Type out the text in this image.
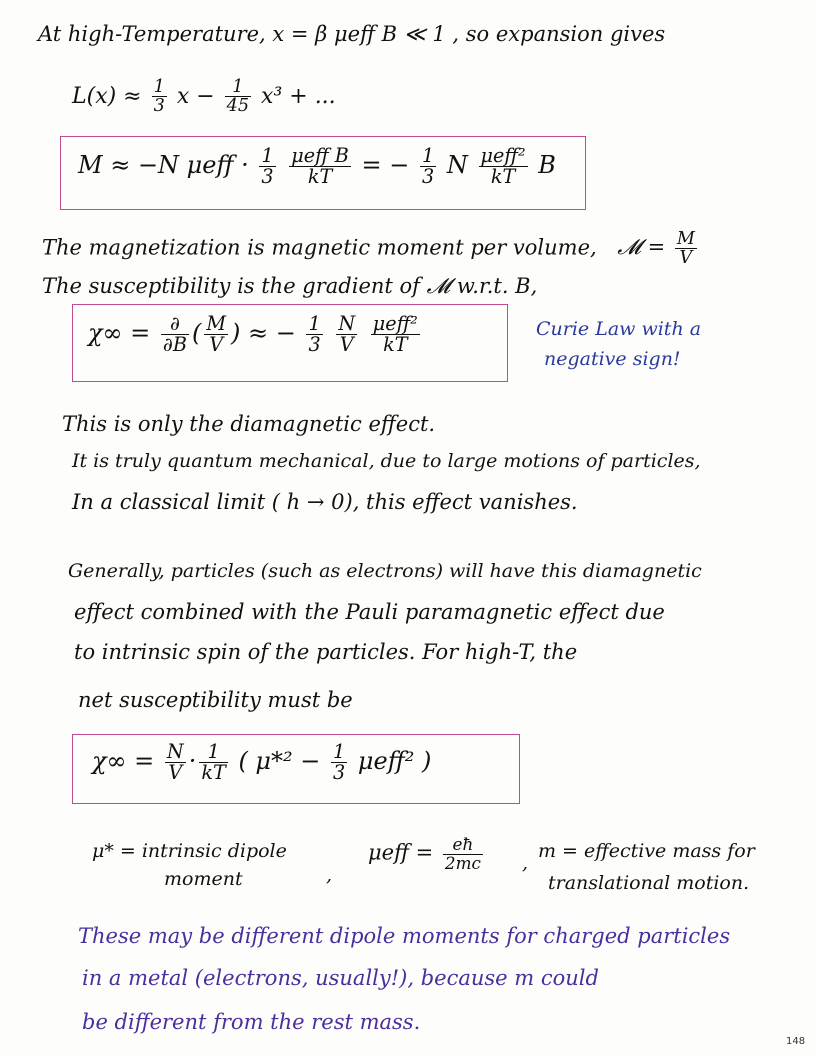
At high-Temperature, x = β μeff B ≪ 1 , so expansion gives
$L(x) \approx \frac{1}{3}$ $x - \frac{1}{45} x^3$ + ...
M ≈ −N $\mu eff \cdot \frac{1}{3}$
$\frac{\text{μeff B}}{kT}$ = − $\frac{1}{3}$ N $\frac{\text{μeff²}}{kT}$ B
The magnetization is magnetic moment per volume, 𝓜 = $\frac{M}{V}$
The susceptibility is the gradient of 𝓜 w.r.t. B,
$\chi\infty = \frac{\partial}{\partial B}$ ( $\frac{M}{V}$ ) ≈ − $\frac{1}{3}$
$\frac{N}{V}$
$\frac{\text{μeff²}}{kT}$	Curie Law with a
negative sign!
This is only the diamagnetic effect.
It is truly quantum mechanical, due to large motions of particles,
In a classical limit ( h → 0), this effect vanishes.
Generally, particles (such as electrons) will have this diamagnetic
effect combined with the Pauli paramagnetic effect due
to intrinsic spin of the particles. For high-T, the
net susceptibility must be
$\chi\infty = \frac{N}{V} \cdot \frac{1}{kT}$ ( $\mu*^2 - \frac{1}{3} \mu eff^2$ )
μ* = intrinsic dipole
moment	,
$\mu eff = \frac{eħ}{2mc}$ ,
m = effective mass for
translational motion.
These may be different dipole moments for charged particles
in a metal (electrons, usually!), because m could
be different from the rest mass.
148
